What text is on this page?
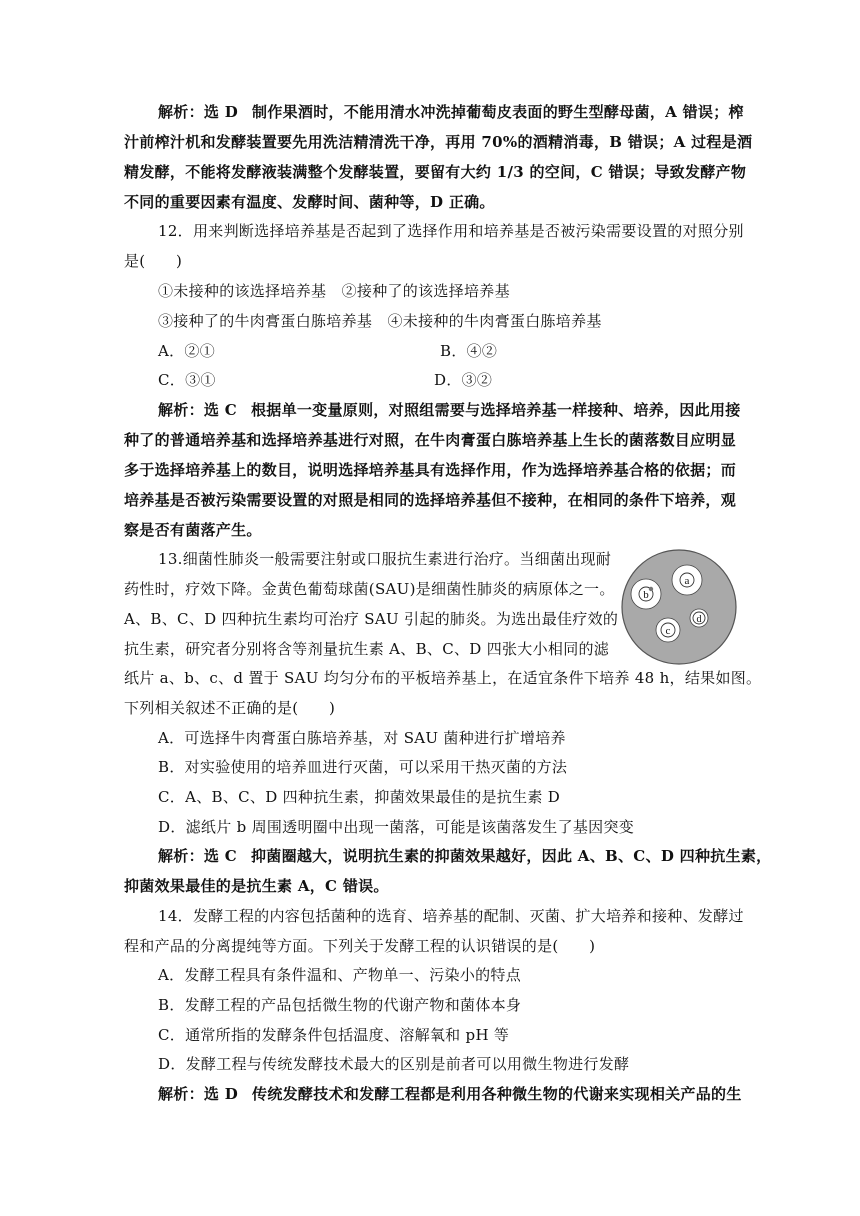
解析：选 D 制作果酒时，不能用清水冲洗掉葡萄皮表面的野生型酵母菌，A 错误；榨
汁前榨汁机和发酵装置要先用洗洁精清洗干净，再用 70%的酒精消毒，B 错误；A 过程是酒
精发酵，不能将发酵液装满整个发酵装置，要留有大约 1/3 的空间，C 错误；导致发酵产物
不同的重要因素有温度、发酵时间、菌种等，D 正确。
12．用来判断选择培养基是否起到了选择作用和培养基是否被污染需要设置的对照分别
是(　　)
①未接种的该选择培养基　②接种了的该选择培养基
③接种了的牛肉膏蛋白胨培养基　④未接种的牛肉膏蛋白胨培养基
A．②①	B．④②
C．③①	D．③②
解析：选 C 根据单一变量原则，对照组需要与选择培养基一样接种、培养，因此用接
种了的普通培养基和选择培养基进行对照，在牛肉膏蛋白胨培养基上生长的菌落数目应明显
多于选择培养基上的数目，说明选择培养基具有选择作用，作为选择培养基合格的依据；而
培养基是否被污染需要设置的对照是相同的选择培养基但不接种，在相同的条件下培养，观
察是否有菌落产生。
13.细菌性肺炎一般需要注射或口服抗生素进行治疗。当细菌出现耐
药性时，疗效下降。金黄色葡萄球菌(SAU)是细菌性肺炎的病原体之一。
A、B、C、D 四种抗生素均可治疗 SAU 引起的肺炎。为选出最佳疗效的
抗生素，研究者分别将含等剂量抗生素 A、B、C、D 四张大小相同的滤
纸片 a、b、c、d 置于 SAU 均匀分布的平板培养基上，在适宜条件下培养 48 h，结果如图。
下列相关叙述不正确的是(　　)
A．可选择牛肉膏蛋白胨培养基，对 SAU 菌种进行扩增培养
B．对实验使用的培养皿进行灭菌，可以采用干热灭菌的方法
C．A、B、C、D 四种抗生素，抑菌效果最佳的是抗生素 D
D．滤纸片 b 周围透明圈中出现一菌落，可能是该菌落发生了基因突变
解析：选 C 抑菌圈越大，说明抗生素的抑菌效果越好，因此 A、B、C、D 四种抗生素，
抑菌效果最佳的是抗生素 A，C 错误。
14．发酵工程的内容包括菌种的选育、培养基的配制、灭菌、扩大培养和接种、发酵过
程和产品的分离提纯等方面。下列关于发酵工程的认识错误的是(　　)
A．发酵工程具有条件温和、产物单一、污染小的特点
B．发酵工程的产品包括微生物的代谢产物和菌体本身
C．通常所指的发酵条件包括温度、溶解氧和 pH 等
D．发酵工程与传统发酵技术最大的区别是前者可以用微生物进行发酵
解析：选 D 传统发酵技术和发酵工程都是利用各种微生物的代谢来实现相关产品的生
a
b
c
d
